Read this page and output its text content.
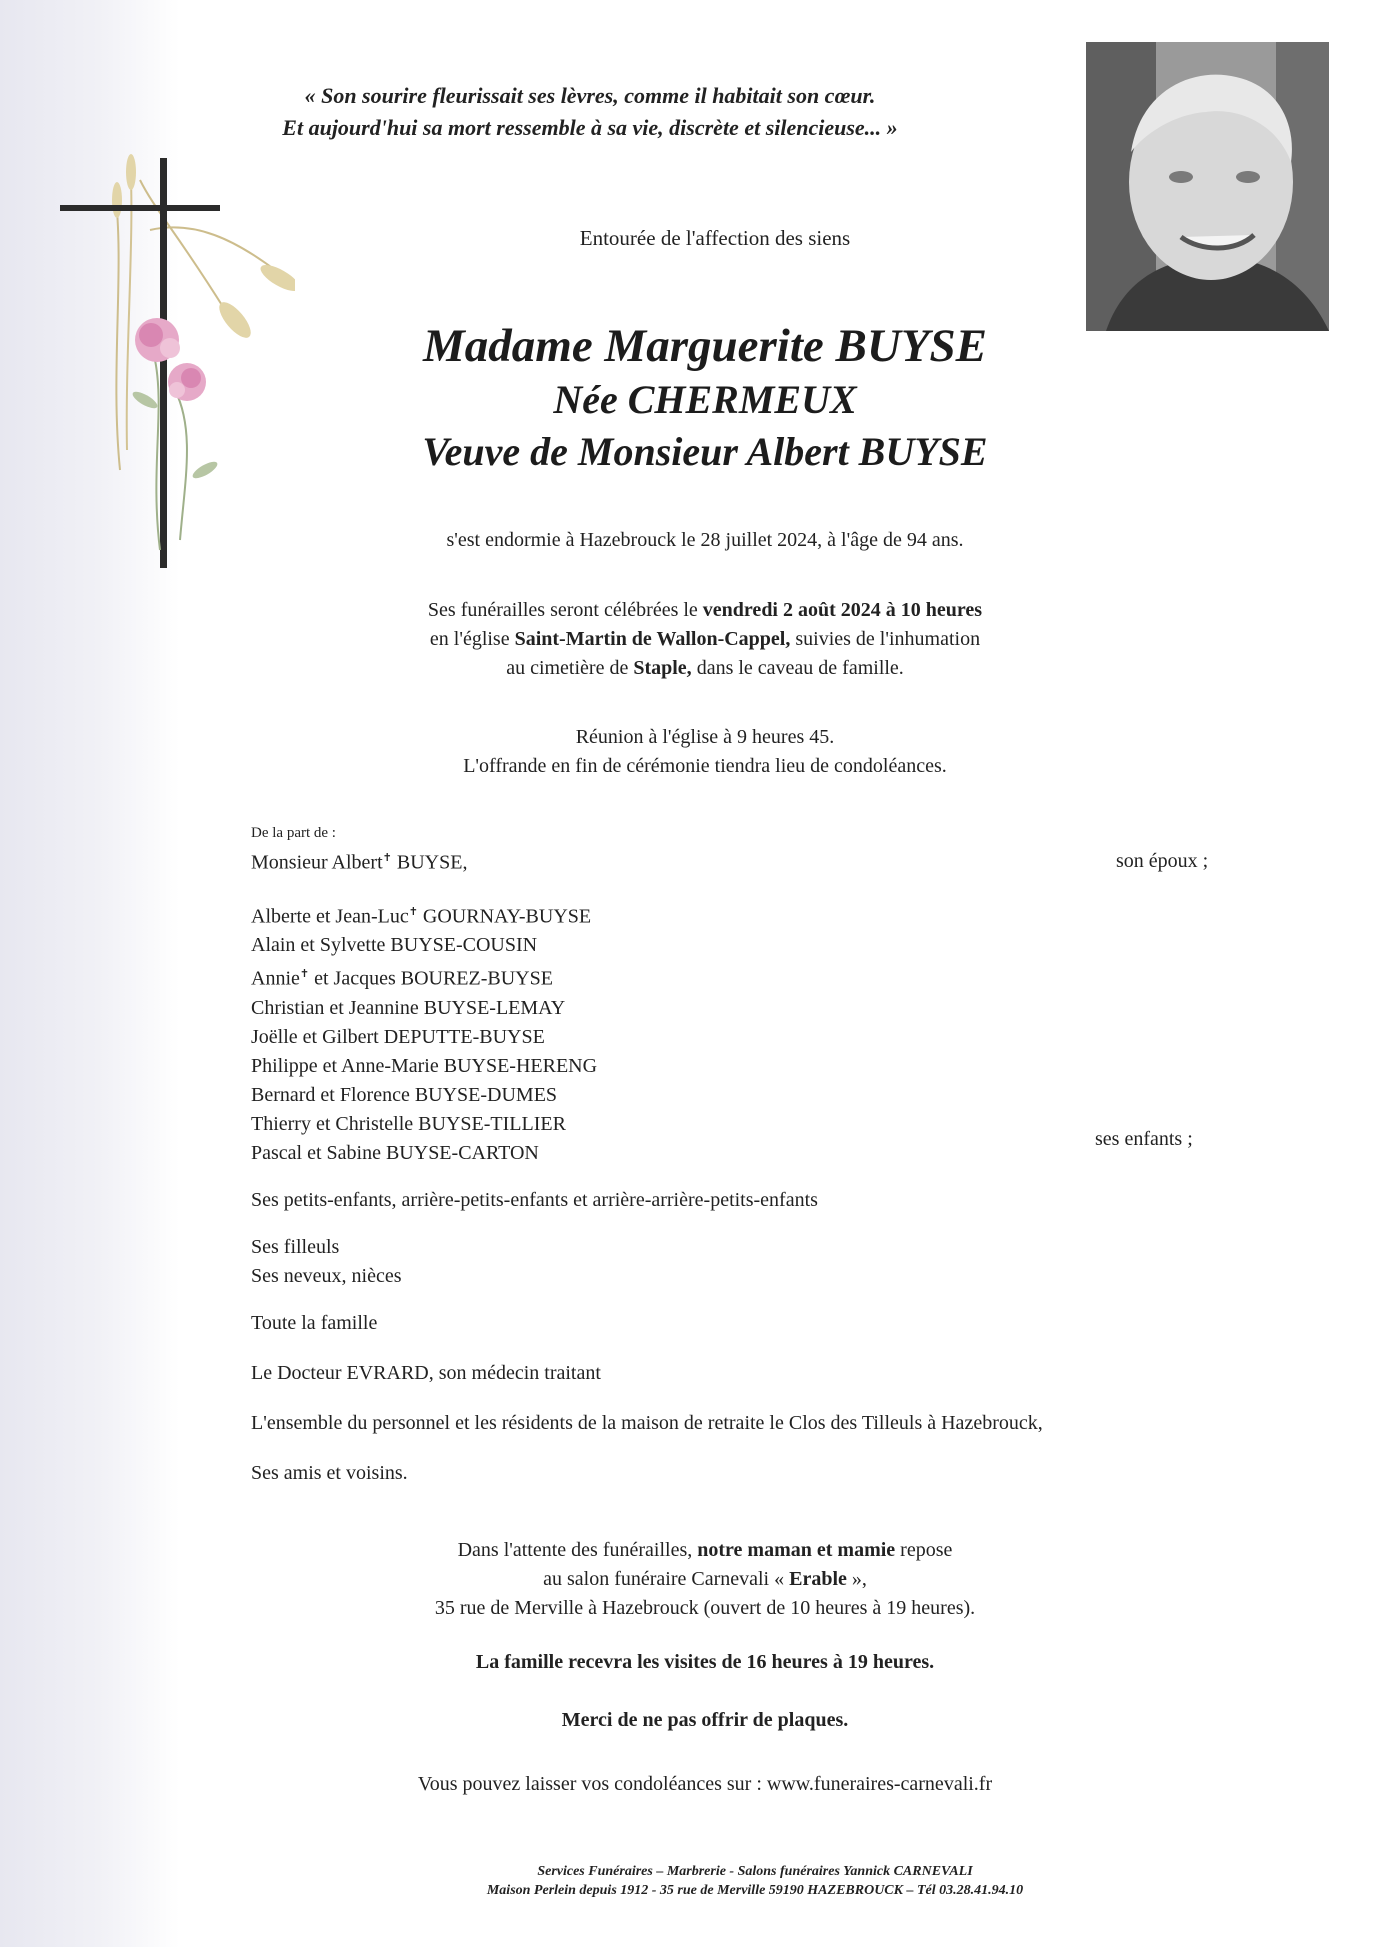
« Son sourire fleurissait ses lèvres, comme il habitait son cœur.
Et aujourd'hui sa mort ressemble à sa vie, discrète et silencieuse... »
Entourée de l'affection des siens
Madame Marguerite BUYSE
Née CHERMEUX
Veuve de Monsieur Albert BUYSE
s'est endormie à Hazebrouck le 28 juillet 2024, à l'âge de 94 ans.
Ses funérailles seront célébrées le vendredi 2 août 2024 à 10 heures
en l'église Saint-Martin de Wallon-Cappel, suivies de l'inhumation
au cimetière de Staple, dans le caveau de famille.
Réunion à l'église à 9 heures 45.
L'offrande en fin de cérémonie tiendra lieu de condoléances.
De la part de :
Monsieur Albert✝ BUYSE,
Alberte et Jean-Luc✝ GOURNAY-BUYSE
Alain et Sylvette BUYSE-COUSIN
Annie✝ et Jacques BOUREZ-BUYSE
Christian et Jeannine BUYSE-LEMAY
Joëlle et Gilbert DEPUTTE-BUYSE
Philippe et Anne-Marie BUYSE-HERENG
Bernard et Florence BUYSE-DUMES
Thierry et Christelle BUYSE-TILLIER
Pascal et Sabine BUYSE-CARTON
Ses petits-enfants, arrière-petits-enfants et arrière-arrière-petits-enfants
Ses filleuls
Ses neveux, nièces
Toute la famille
Le Docteur EVRARD, son médecin traitant
L'ensemble du personnel et les résidents de la maison de retraite le Clos des Tilleuls à Hazebrouck,
Ses amis et voisins.
son époux ;
ses enfants ;
Dans l'attente des funérailles, notre maman et mamie repose
au salon funéraire Carnevali « Erable »,
35 rue de Merville à Hazebrouck (ouvert de 10 heures à 19 heures).
La famille recevra les visites de 16 heures à 19 heures.
Merci de ne pas offrir de plaques.
Vous pouvez laisser vos condoléances sur : www.funeraires-carnevali.fr
Services Funéraires – Marbrerie - Salons funéraires Yannick CARNEVALI
Maison Perlein depuis 1912 - 35 rue de Merville 59190 HAZEBROUCK – Tél 03.28.41.94.10
